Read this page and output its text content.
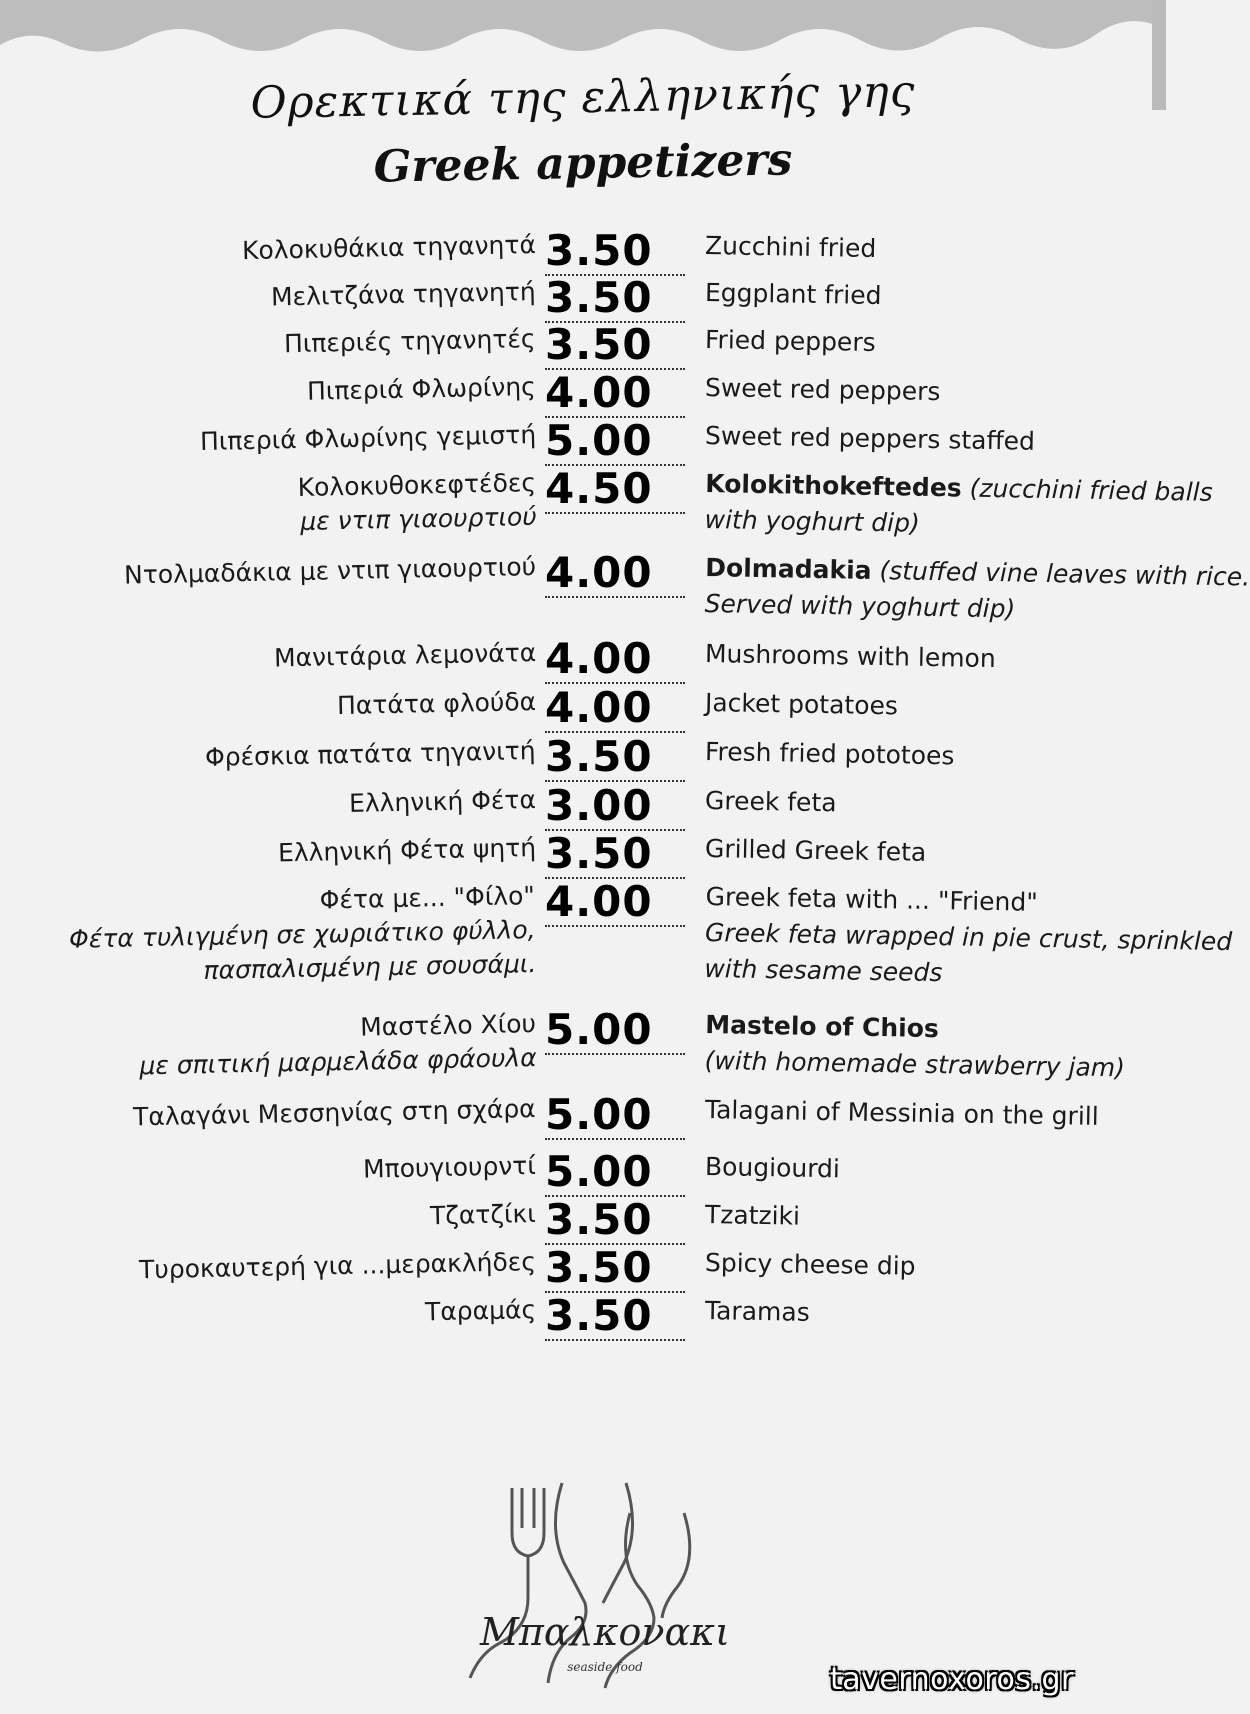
Ορεκτικά της ελληνικής γης
Greek appetizers
Κολοκυθάκια τηγανητά 3.50	Zucchini fried
Μελιτζάνα τηγανητή 3.50	Eggplant fried
Πιπεριές τηγανητές 3.50	Fried peppers
Πιπεριά Φλωρίνης 4.00	Sweet red peppers
Πιπεριά Φλωρίνης γεμιστή 5.00	Sweet red peppers staffed
Κολοκυθοκεφτέδες
με ντιπ γιαουρτιού
4.50	Kolokithokeftedes (zucchini fried balls
with yoghurt dip)
Ντολμαδάκια με ντιπ γιαουρτιού 4.00	Dolmadakia (stuffed vine leaves with rice.
Served with yoghurt dip)
Μανιτάρια λεμονάτα 4.00	Mushrooms with lemon
Πατάτα φλούδα 4.00	Jacket potatoes
Φρέσκια πατάτα τηγανιτή 3.50	Fresh fried pototoes
Ελληνική Φέτα 3.00	Greek feta
Ελληνική Φέτα ψητή 3.50	Grilled Greek feta
Φέτα με... "Φίλο"
Φέτα τυλιγμένη σε χωριάτικο φύλλο,
πασπαλισμένη με σουσάμι.
4.00	Greek feta with ... "Friend"
Greek feta wrapped in pie crust, sprinkled
with sesame seeds
Μαστέλο Χίου
με σπιτική μαρμελάδα φράουλα
5.00	Mastelo of Chios
(with homemade strawberry jam)
Ταλαγάνι Μεσσηνίας στη σχάρα 5.00	Talagani of Messinia on the grill
Μπουγιουρντί 5.00	Bougiourdi
Τζατζίκι 3.50	Tzatziki
Τυροκαυτερή για ...μερακλήδες 3.50	Spicy cheese dip
Ταραμάς 3.50	Taramas
Μπαλκονακι
seaside food	tavernoxoros.gr
